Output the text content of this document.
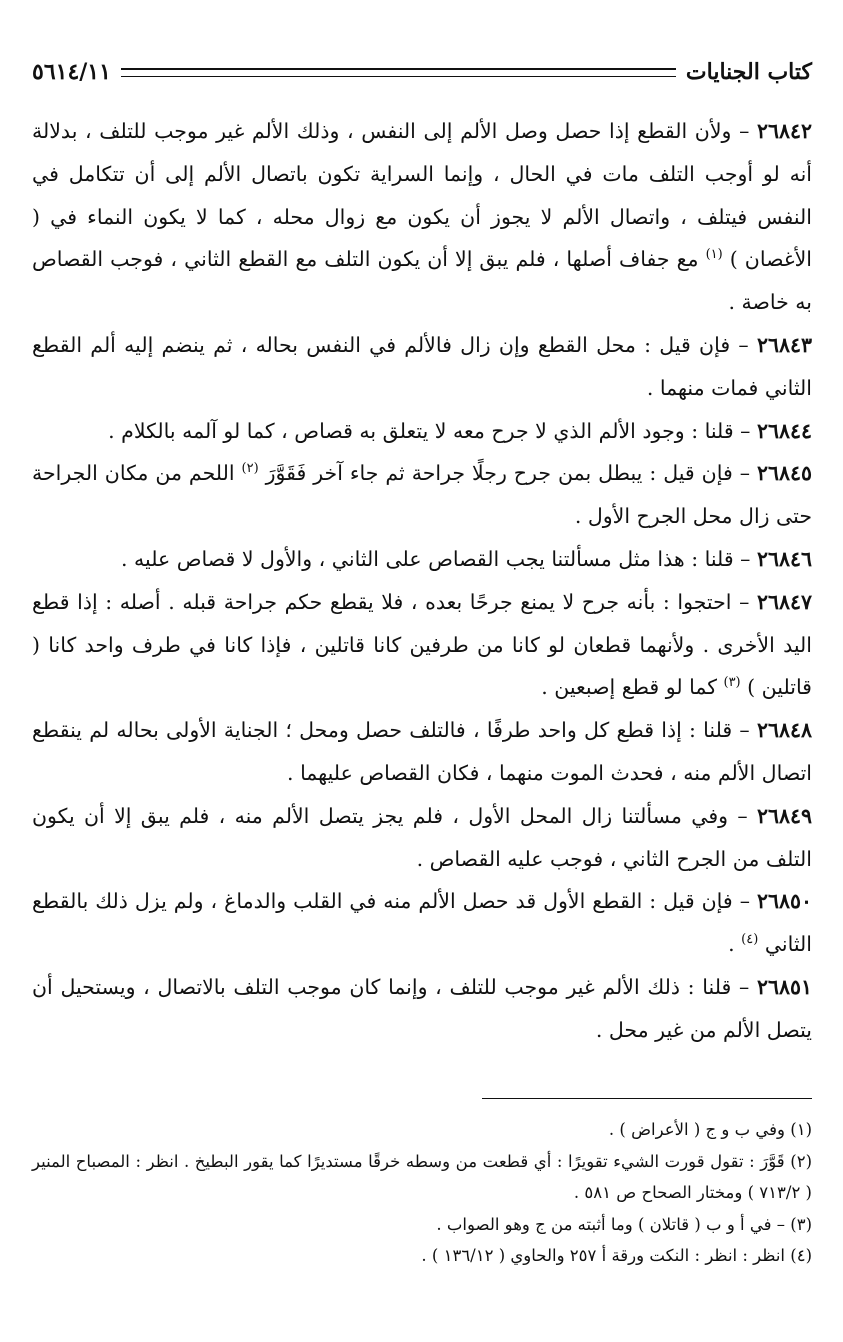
كتاب الجنايات
٥٦١٤/١١

٢٦٨٤٢ – ولأن القطع إذا حصل وصل الألم إلى النفس ، وذلك الألم غير موجب للتلف ، بدلالة أنه لو أوجب التلف مات في الحال ، وإنما السراية تكون باتصال الألم إلى أن تتكامل في النفس فيتلف ، واتصال الألم لا يجوز أن يكون مع زوال محله ، كما لا يكون النماء في ( الأغصان ) $^{(١)}$ مع جفاف أصلها ، فلم يبق إلا أن يكون التلف مع القطع الثاني ، فوجب القصاص به خاصة .

٢٦٨٤٣ – فإن قيل : محل القطع وإن زال فالألم في النفس بحاله ، ثم ينضم إليه ألم القطع الثاني فمات منهما .

٢٦٨٤٤ – قلنا : وجود الألم الذي لا جرح معه لا يتعلق به قصاص ، كما لو آلمه بالكلام .

٢٦٨٤٥ – فإن قيل : يبطل بمن جرح رجلًا جراحة ثم جاء آخر فَقَوَّرَ $^{(٢)}$ اللحم من مكان الجراحة حتى زال محل الجرح الأول .

٢٦٨٤٦ – قلنا : هذا مثل مسألتنا يجب القصاص على الثاني ، والأول لا قصاص عليه .

٢٦٨٤٧ – احتجوا : بأنه جرح لا يمنع جرحًا بعده ، فلا يقطع حكم جراحة قبله . أصله : إذا قطع اليد الأخرى . ولأنهما قطعان لو كانا من طرفين كانا قاتلين ، فإذا كانا في طرف واحد كانا ( قاتلين ) $^{(٣)}$ كما لو قطع إصبعين .

٢٦٨٤٨ – قلنا : إذا قطع كل واحد طرفًا ، فالتلف حصل ومحل ؛ الجناية الأولى بحاله لم ينقطع اتصال الألم منه ، فحدث الموت منهما ، فكان القصاص عليهما .

٢٦٨٤٩ – وفي مسألتنا زال المحل الأول ، فلم يجز يتصل الألم منه ، فلم يبق إلا أن يكون التلف من الجرح الثاني ، فوجب عليه القصاص .

٢٦٨٥٠ – فإن قيل : القطع الأول قد حصل الألم منه في القلب والدماغ ، ولم يزل ذلك بالقطع الثاني $^{(٤)}$ .

٢٦٨٥١ – قلنا : ذلك الألم غير موجب للتلف ، وإنما كان موجب التلف بالاتصال ، ويستحيل أن يتصل الألم من غير محل .

(١) وفي ب و ج ( الأعراض ) .

(٢) قَوَّرَ : تقول قورت الشيء تقويرًا : أي قطعت من وسطه خرقًا مستديرًا كما يقور البطيخ . انظر : المصباح المنير ( ٧١٣/٢ ) ومختار الصحاح ص ٥٨١ .

(٣) – في أ و ب ( قاتلان ) وما أثبته من ج وهو الصواب .

(٤) انظر : انظر : النكت ورقة أ ٢٥٧ والحاوي ( ١٣٦/١٢ ) .
